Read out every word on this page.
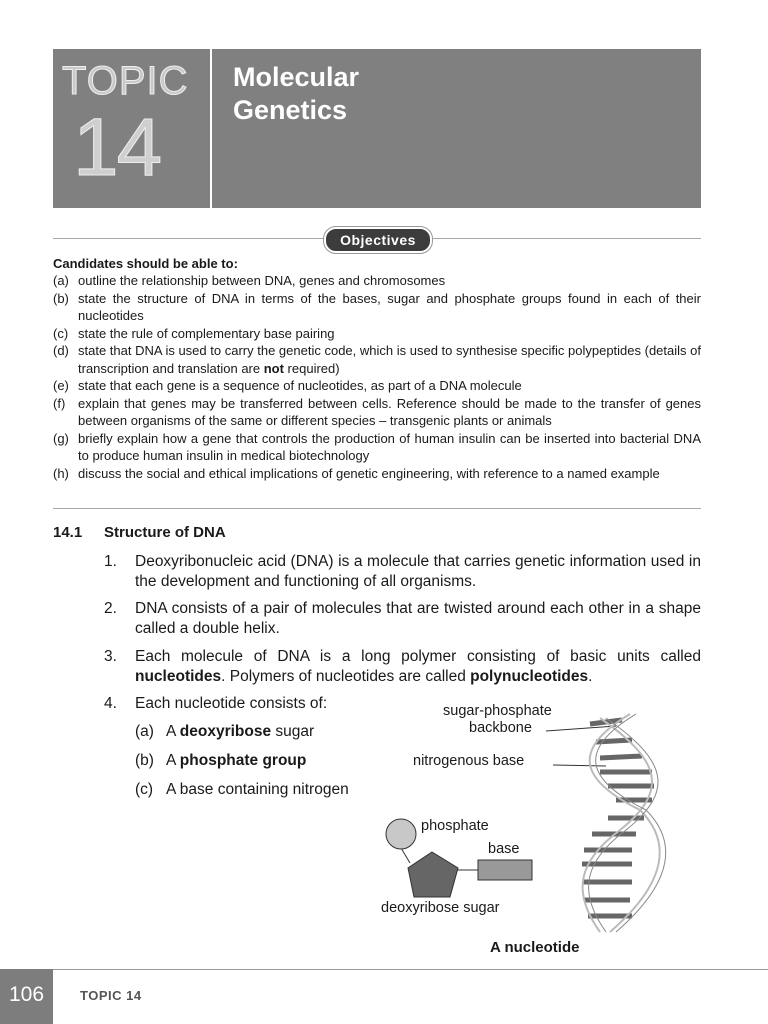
TOPIC
14
Molecular
Genetics
Objectives
Candidates should be able to:
(a) outline the relationship between DNA, genes and chromosomes
(b) state the structure of DNA in terms of the bases, sugar and phosphate groups found in each of their nucleotides
(c) state the rule of complementary base pairing
(d) state that DNA is used to carry the genetic code, which is used to synthesise specific polypeptides (details of transcription and translation are not required)
(e) state that each gene is a sequence of nucleotides, as part of a DNA molecule
(f) explain that genes may be transferred between cells. Reference should be made to the transfer of genes between organisms of the same or different species – transgenic plants or animals
(g) briefly explain how a gene that controls the production of human insulin can be inserted into bacterial DNA to produce human insulin in medical biotechnology
(h) discuss the social and ethical implications of genetic engineering, with reference to a named example
14.1 Structure of DNA
1.	Deoxyribonucleic acid (DNA) is a molecule that carries genetic information used in the development and functioning of all organisms.
2.	DNA consists of a pair of molecules that are twisted around each other in a shape called a double helix.
3.	Each molecule of DNA is a long polymer consisting of basic units called nucleotides. Polymers of nucleotides are called polynucleotides.
4.	Each nucleotide consists of:
(a) A deoxyribose sugar
(b) A phosphate group
(c) A base containing nitrogen
sugar-phosphate
backbone
nitrogenous base
phosphate
base
deoxyribose sugar
A nucleotide
106	TOPIC 14
